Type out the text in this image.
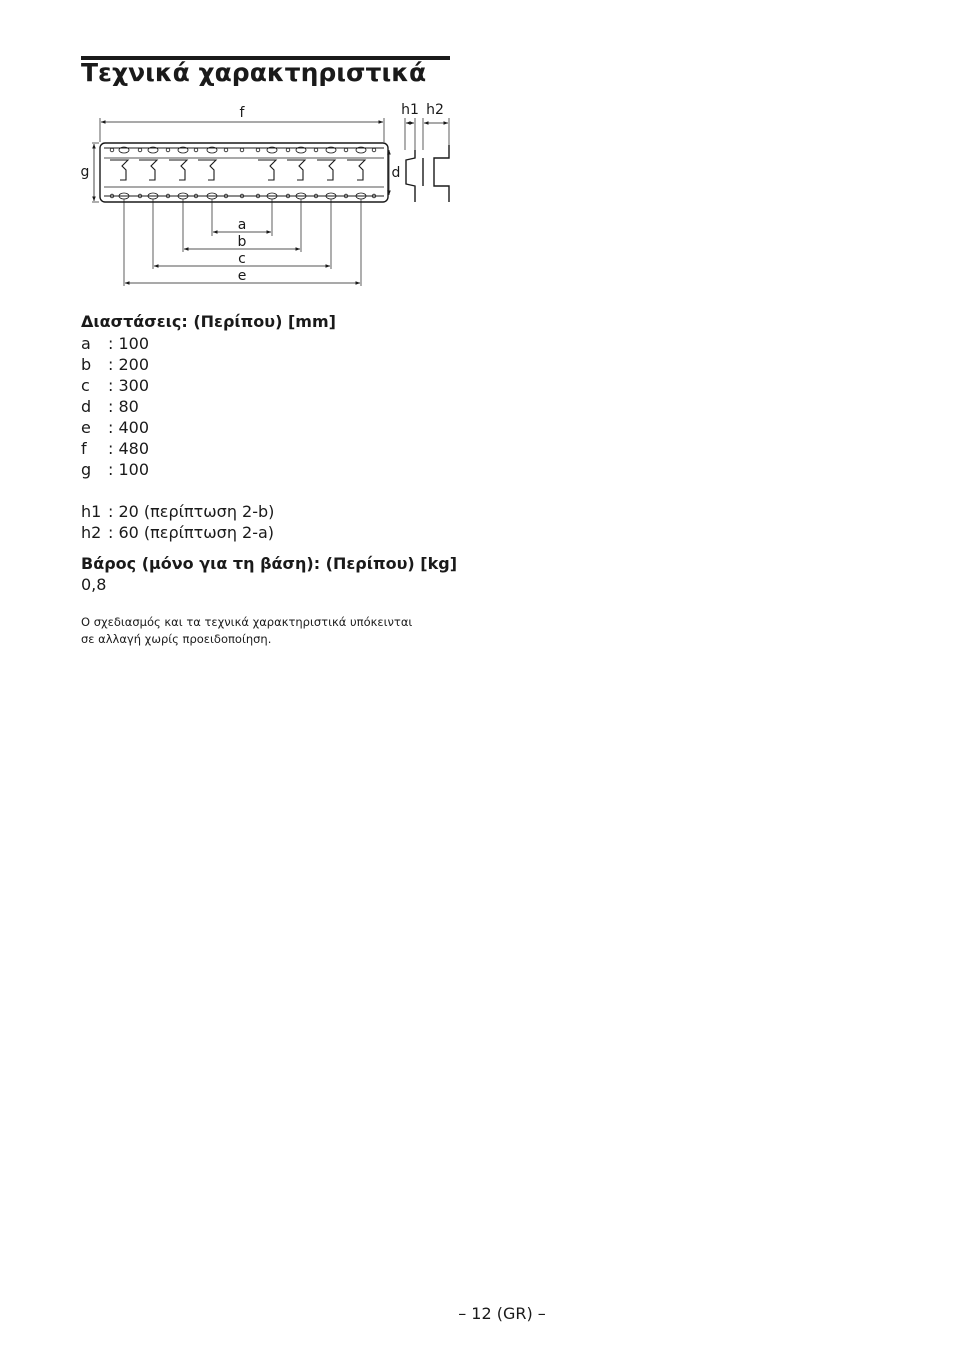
Τεχνικά χαρακτηριστικά
f
g	d
h1 h2
a
b
c
e
Διαστάσεις: (Περίπου) [mm]
a : 100
b : 200
c : 300
d : 80
e : 400
f : 480
g : 100
h1 : 20 (περίπτωση 2-b)
h2 : 60 (περίπτωση 2-a)
Βάρος (μόνο για τη βάση): (Περίπου) [kg]
0,8
Ο σχεδιασμός και τα τεχνικά χαρακτηριστικά υπόκεινται
σε αλλαγή χωρίς προειδοποίηση.
– 12 (GR) –
